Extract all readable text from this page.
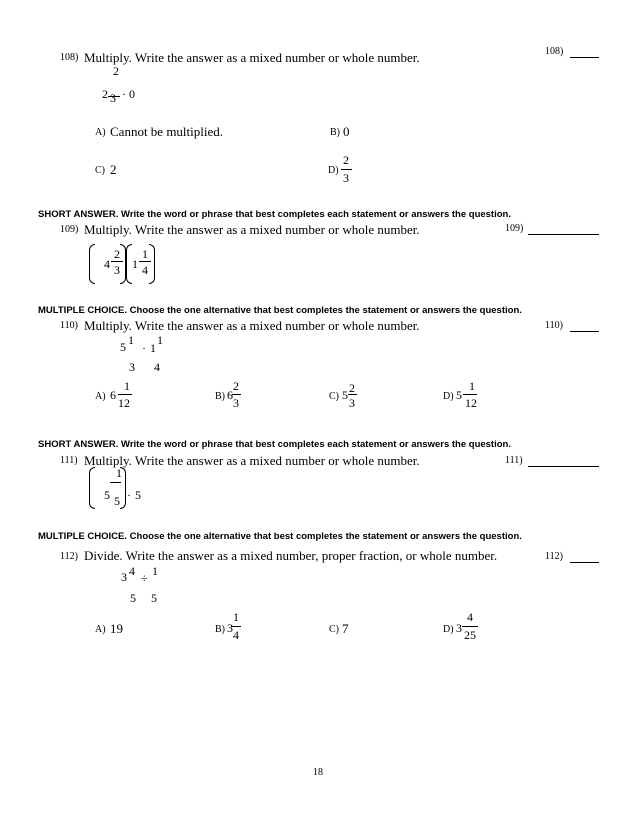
108) Multiply. Write the answer as a mixed number or whole number.	108)
2
2 3 · 0
A) Cannot be multiplied.	B) 0
C) 2	D)
2
3
SHORT ANSWER. Write the word or phrase that best completes each statement or answers the question.
109) Multiply. Write the answer as a mixed number or whole number.	109)
4
2
3 1
1
4
MULTIPLE CHOICE. Choose the one alternative that best completes the statement or answers the question.
110) Multiply. Write the answer as a mixed number or whole number.	110)
5 1
3
· 1
1
4
A) 6
1
12	B) 6
2
3	C) 5 2
3	D) 5
1
12
SHORT ANSWER. Write the word or phrase that best completes each statement or answers the question.
111) Multiply. Write the answer as a mixed number or whole number.	111)
1
5 5 · 5
MULTIPLE CHOICE. Choose the one alternative that best completes the statement or answers the question.
112) Divide. Write the answer as a mixed number, proper fraction, or whole number.	112)
3 4
5
÷ 1
5
A) 19	B) 3
1
4	C) 7	D) 3
4
25
18
